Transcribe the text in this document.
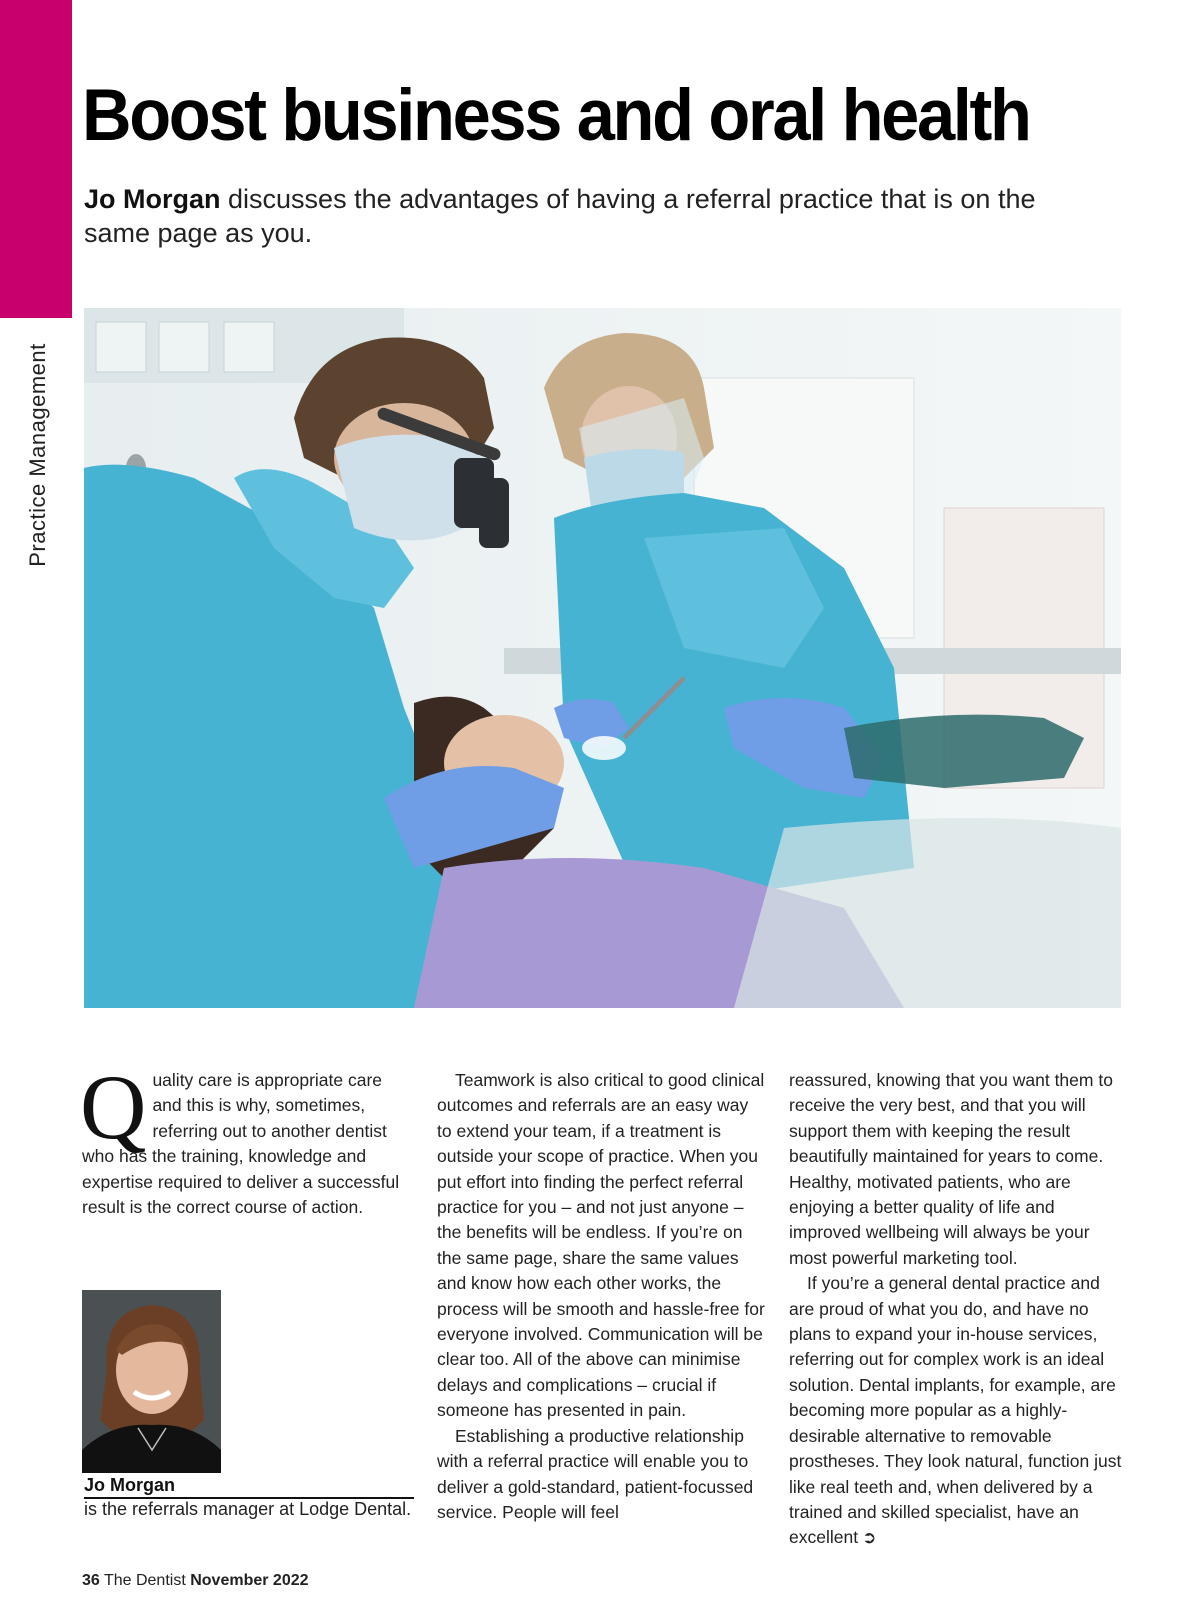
Practice Management
Boost business and oral health

Jo Morgan discusses the advantages of having a referral practice that is on the same page as you.

Quality care is appropriate care and this is why, sometimes, referring out to another dentist who has the training, knowledge and expertise required to deliver a successful result is the correct course of action.

Jo Morgan
is the referrals manager at Lodge Dental.

Teamwork is also critical to good clinical outcomes and referrals are an easy way to extend your team, if a treatment is outside your scope of practice. When you put effort into finding the perfect referral practice for you – and not just anyone – the benefits will be endless. If you’re on the same page, share the same values and know how each other works, the process will be smooth and hassle-free for everyone involved. Communication will be clear too. All of the above can minimise delays and complications – crucial if someone has presented in pain.

Establishing a productive relationship with a referral practice will enable you to deliver a gold-standard, patient-focussed service. People will feel

reassured, knowing that you want them to receive the very best, and that you will support them with keeping the result beautifully maintained for years to come. Healthy, motivated patients, who are enjoying a better quality of life and improved wellbeing will always be your most powerful marketing tool.

If you’re a general dental practice and are proud of what you do, and have no plans to expand your in-house services, referring out for complex work is an ideal solution. Dental implants, for example, are becoming more popular as a highly-desirable alternative to removable prostheses. They look natural, function just like real teeth and, when delivered by a trained and skilled specialist, have an excellent ➲

36 The Dentist November 2022
